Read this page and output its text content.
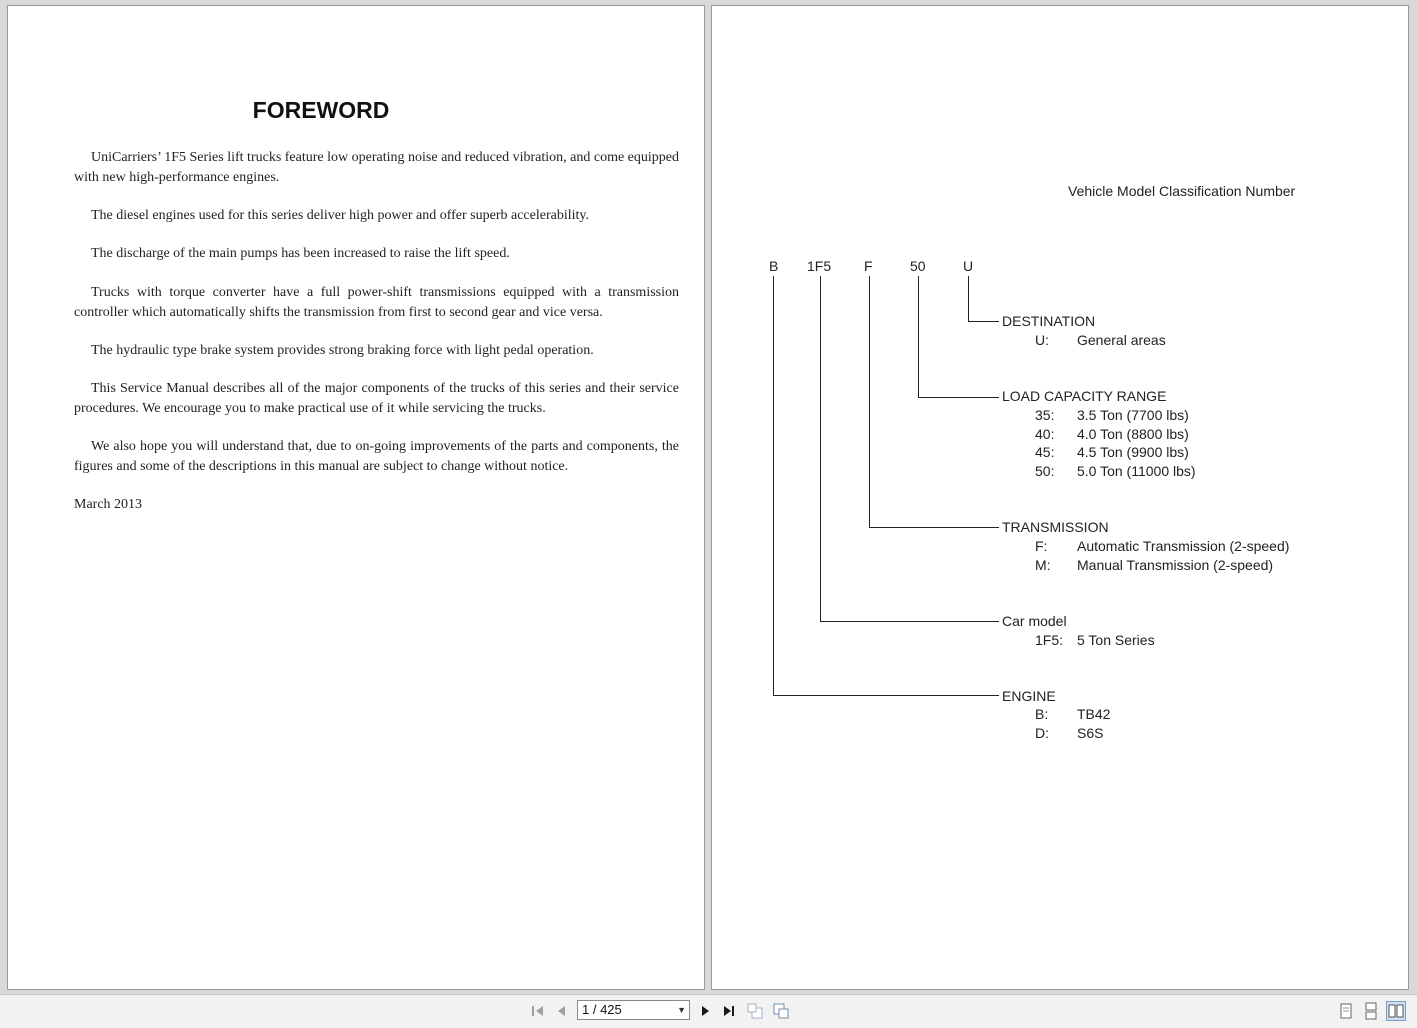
FOREWORD

UniCarriers’ 1F5 Series lift trucks feature low operating noise and reduced vibration, and come equipped with new high-performance engines.

The diesel engines used for this series deliver high power and offer superb accelerability.

The discharge of the main pumps has been increased to raise the lift speed.

Trucks with torque converter have a full power-shift transmissions equipped with a transmission controller which automatically shifts the transmission from first to second gear and vice versa.

The hydraulic type brake system provides strong braking force with light pedal operation.

This Service Manual describes all of the major components of the trucks of this series and their service procedures. We encourage you to make practical use of it while servicing the trucks.

We also hope you will understand that, due to on-going improvements of the parts and components, the figures and some of the descriptions in this manual are subject to change without notice.

March 2013

Vehicle Model Classification Number
B 1F5 F	50	U
DESTINATION
U: General areas
LOAD CAPACITY RANGE
35: 3.5 Ton (7700 lbs)
40: 4.0 Ton (8800 lbs)
45: 4.5 Ton (9900 lbs)
50: 5.0 Ton (11000 lbs)
TRANSMISSION
F: Automatic Transmission (2-speed)
M: Manual Transmission (2-speed)
Car model
1F5: 5 Ton Series
ENGINE
B: TB42
D: S6S
1 / 425	▼
